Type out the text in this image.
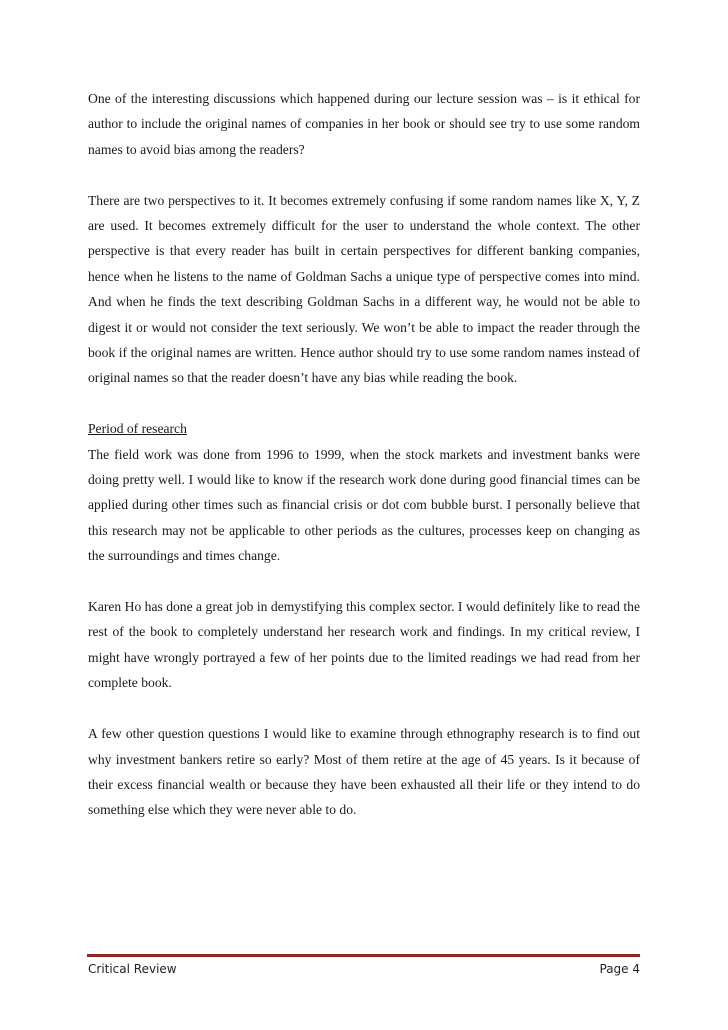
One of the interesting discussions which happened during our lecture session was – is it ethical for author to include the original names of companies in her book or should see try to use some random names to avoid bias among the readers?

There are two perspectives to it. It becomes extremely confusing if some random names like X, Y, Z are used. It becomes extremely difficult for the user to understand the whole context. The other perspective is that every reader has built in certain perspectives for different banking companies, hence when he listens to the name of Goldman Sachs a unique type of perspective comes into mind. And when he finds the text describing Goldman Sachs in a different way, he would not be able to digest it or would not consider the text seriously. We won’t be able to impact the reader through the book if the original names are written. Hence author should try to use some random names instead of original names so that the reader doesn’t have any bias while reading the book.

Period of research

The field work was done from 1996 to 1999, when the stock markets and investment banks were doing pretty well. I would like to know if the research work done during good financial times can be applied during other times such as financial crisis or dot com bubble burst. I personally believe that this research may not be applicable to other periods as the cultures, processes keep on changing as the surroundings and times change.

Karen Ho has done a great job in demystifying this complex sector. I would definitely like to read the rest of the book to completely understand her research work and findings. In my critical review, I might have wrongly portrayed a few of her points due to the limited readings we had read from her complete book.

A few other question questions I would like to examine through ethnography research is to find out why investment bankers retire so early? Most of them retire at the age of 45 years. Is it because of their excess financial wealth or because they have been exhausted all their life or they intend to do something else which they were never able to do.

Critical Review	Page 4
